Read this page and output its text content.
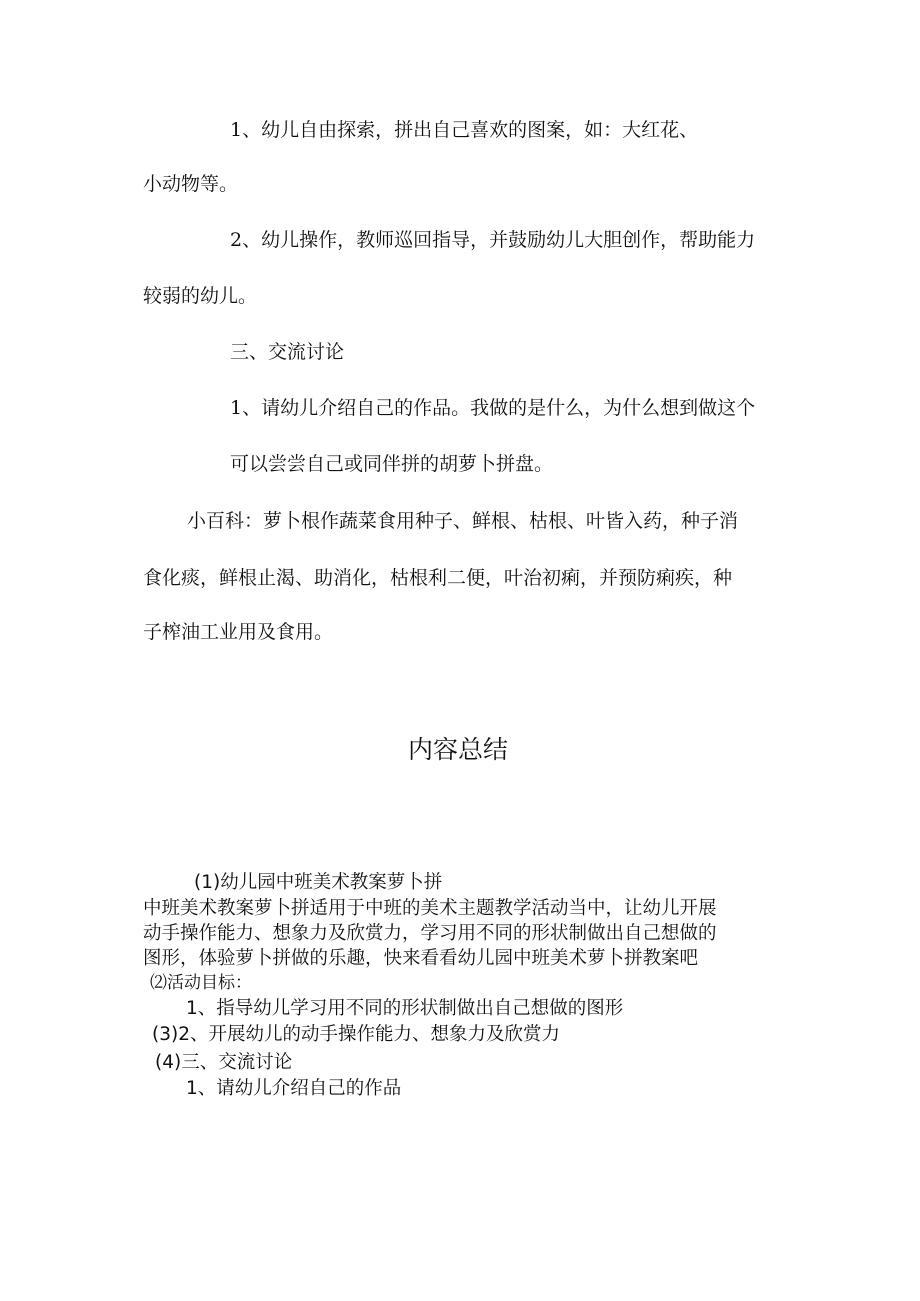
1、幼儿自由探索，拼出自己喜欢的图案，如：大红花、

小动物等。

2、幼儿操作，教师巡回指导，并鼓励幼儿大胆创作，帮助能力

较弱的幼儿。

三、交流讨论

1、请幼儿介绍自己的作品。我做的是什么，为什么想到做这个

可以尝尝自己或同伴拼的胡萝卜拼盘。

小百科：萝卜根作蔬菜食用种子、鲜根、枯根、叶皆入药，种子消

食化痰，鲜根止渴、助消化，枯根利二便，叶治初痢，并预防痢疾，种

子榨油工业用及食用。

内容总结

(1)幼儿园中班美术教案萝卜拼

中班美术教案萝卜拼适用于中班的美术主题教学活动当中，让幼儿开展

动手操作能力、想象力及欣赏力，学习用不同的形状制做出自己想做的

图形，体验萝卜拼做的乐趣，快来看看幼儿园中班美术萝卜拼教案吧

⑵活动目标：

1、指导幼儿学习用不同的形状制做出自己想做的图形

(3)2、开展幼儿的动手操作能力、想象力及欣赏力

(4)三、交流讨论

1、请幼儿介绍自己的作品
